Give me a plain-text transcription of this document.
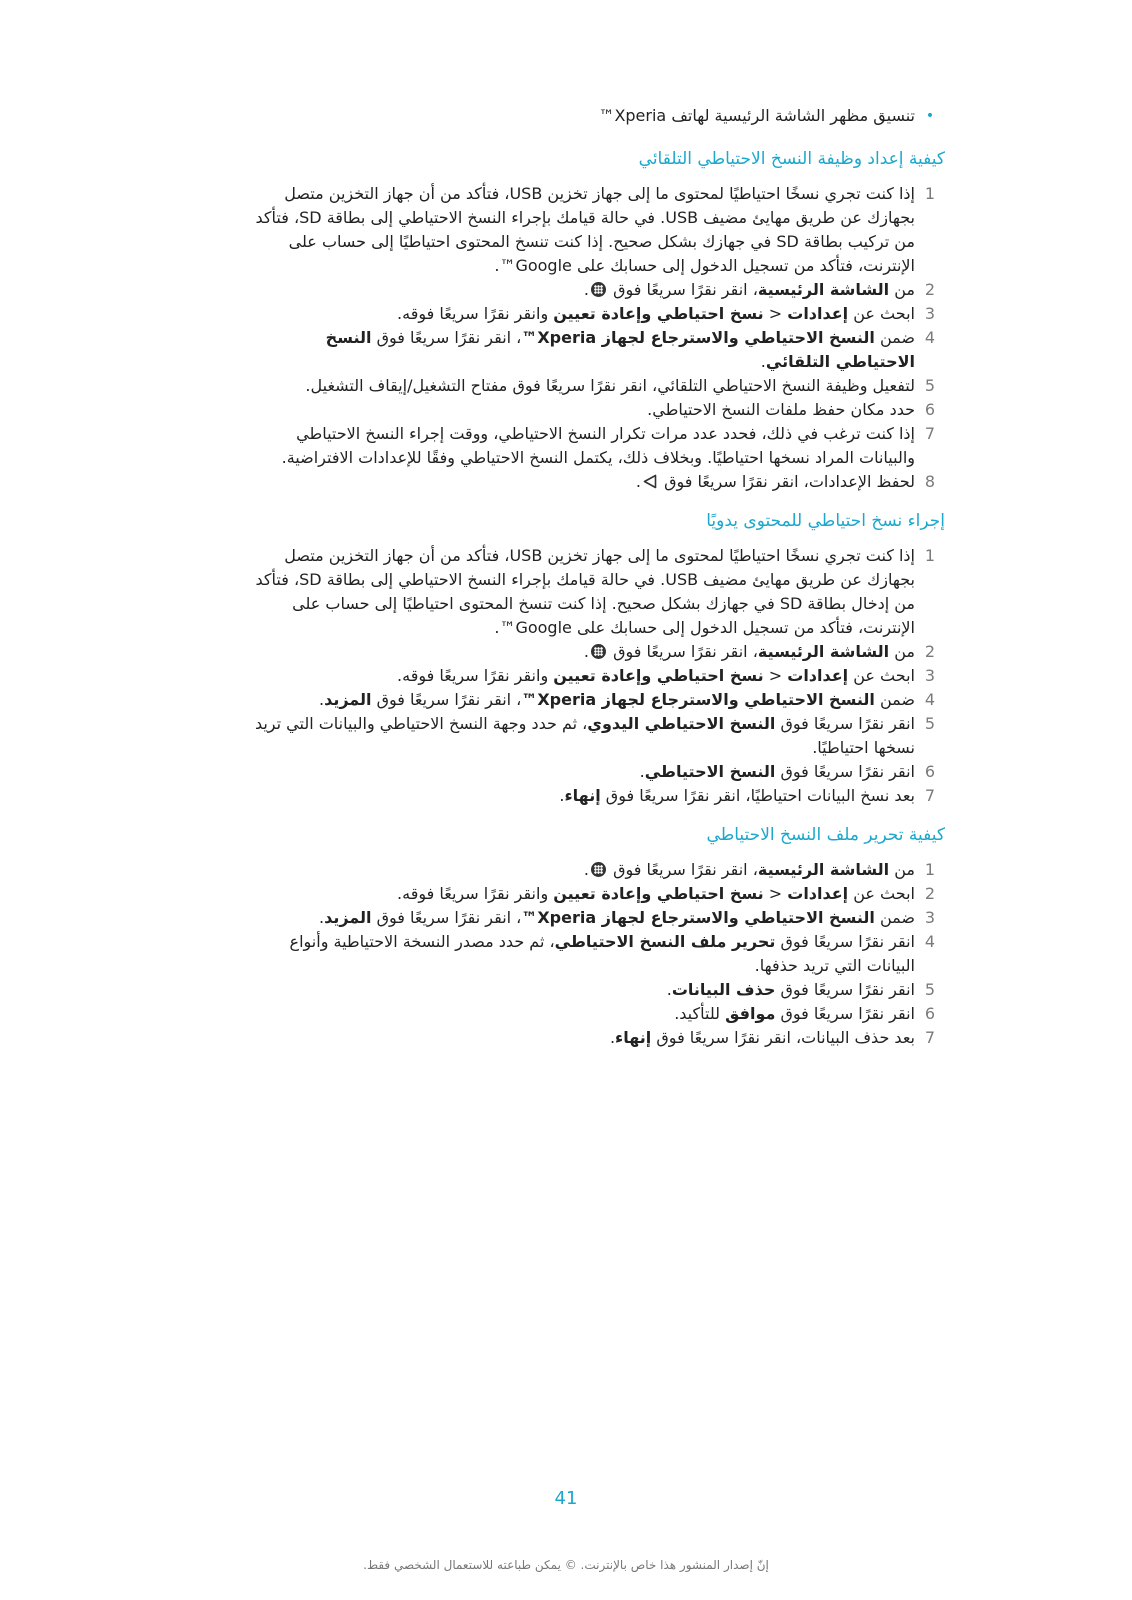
•
تنسيق مظهر الشاشة الرئيسية لهاتف Xperia™
كيفية إعداد وظيفة النسخ الاحتياطي التلقائي
1
إذا كنت تجري نسخًا احتياطيًا لمحتوى ما إلى جهاز تخزين USB، فتأكد من أن جهاز التخزين متصل بجهازك عن طريق مهايئ مضيف USB. في حالة قيامك بإجراء النسخ الاحتياطي إلى بطاقة SD، فتأكد من تركيب بطاقة SD في جهازك بشكل صحيح. إذا كنت تنسخ المحتوى احتياطيًا إلى حساب على الإنترنت، فتأكد من تسجيل الدخول إلى حسابك على Google™.
2
من الشاشة الرئيسية، انقر نقرًا سريعًا فوق .
3
ابحث عن إعدادات < نسخ احتياطي وإعادة تعيين وانقر نقرًا سريعًا فوقه.
4
ضمن النسخ الاحتياطي والاسترجاع لجهاز Xperia™، انقر نقرًا سريعًا فوق النسخ الاحتياطي التلقائي.
5
لتفعيل وظيفة النسخ الاحتياطي التلقائي، انقر نقرًا سريعًا فوق مفتاح التشغيل/إيقاف التشغيل.
6
حدد مكان حفظ ملفات النسخ الاحتياطي.
7
إذا كنت ترغب في ذلك، فحدد عدد مرات تكرار النسخ الاحتياطي، ووقت إجراء النسخ الاحتياطي والبيانات المراد نسخها احتياطيًا. وبخلاف ذلك، يكتمل النسخ الاحتياطي وفقًا للإعدادات الافتراضية.
8
لحفظ الإعدادات، انقر نقرًا سريعًا فوق .
إجراء نسخ احتياطي للمحتوى يدويًا
1
إذا كنت تجري نسخًا احتياطيًا لمحتوى ما إلى جهاز تخزين USB، فتأكد من أن جهاز التخزين متصل بجهازك عن طريق مهايئ مضيف USB. في حالة قيامك بإجراء النسخ الاحتياطي إلى بطاقة SD، فتأكد من إدخال بطاقة SD في جهازك بشكل صحيح. إذا كنت تنسخ المحتوى احتياطيًا إلى حساب على الإنترنت، فتأكد من تسجيل الدخول إلى حسابك على Google™.
2
من الشاشة الرئيسية، انقر نقرًا سريعًا فوق .
3
ابحث عن إعدادات < نسخ احتياطي وإعادة تعيين وانقر نقرًا سريعًا فوقه.
4
ضمن النسخ الاحتياطي والاسترجاع لجهاز Xperia™، انقر نقرًا سريعًا فوق المزيد.
5
انقر نقرًا سريعًا فوق النسخ الاحتياطي اليدوي، ثم حدد وجهة النسخ الاحتياطي والبيانات التي تريد نسخها احتياطيًا.
6
انقر نقرًا سريعًا فوق النسخ الاحتياطي.
7
بعد نسخ البيانات احتياطيًا، انقر نقرًا سريعًا فوق إنهاء.
كيفية تحرير ملف النسخ الاحتياطي
1
من الشاشة الرئيسية، انقر نقرًا سريعًا فوق .
2
ابحث عن إعدادات < نسخ احتياطي وإعادة تعيين وانقر نقرًا سريعًا فوقه.
3
ضمن النسخ الاحتياطي والاسترجاع لجهاز Xperia™، انقر نقرًا سريعًا فوق المزيد.
4
انقر نقرًا سريعًا فوق تحرير ملف النسخ الاحتياطي، ثم حدد مصدر النسخة الاحتياطية وأنواع البيانات التي تريد حذفها.
5
انقر نقرًا سريعًا فوق حذف البيانات.
6
انقر نقرًا سريعًا فوق موافق للتأكيد.
7
بعد حذف البيانات، انقر نقرًا سريعًا فوق إنهاء.
41
إنّ إصدار المنشور هذا خاص بالإنترنت. © يمكن طباعته للاستعمال الشخصي فقط.
